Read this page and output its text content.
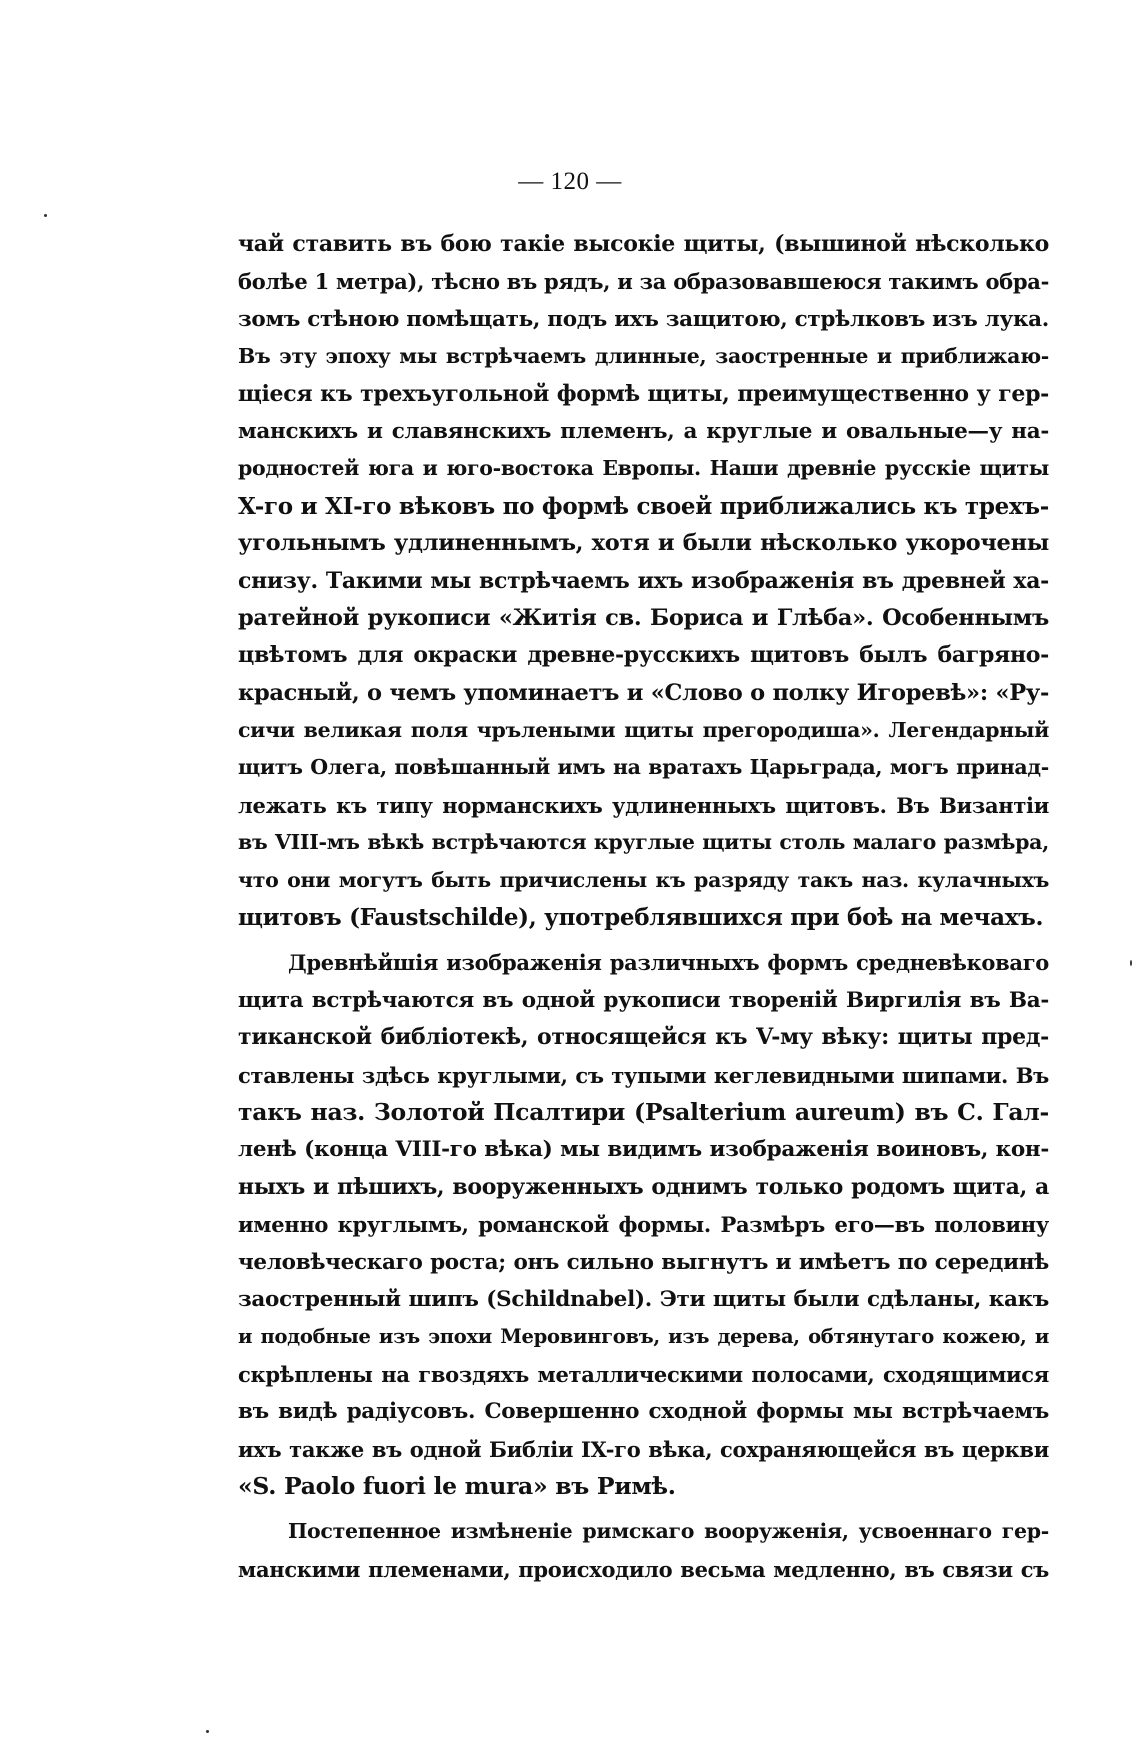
— 120 —
чай ставить въ бою такіе высокіе щиты, (вышиной нѣсколько
болѣе 1 метра), тѣсно въ рядъ, и за образовавшеюся такимъ обра-
зомъ стѣною помѣщать, подъ ихъ защитою, стрѣлковъ изъ лука.
Въ эту эпоху мы встрѣчаемъ длинные, заостренные и приближаю-
щіеся къ трехъугольной формѣ щиты, преимущественно у гер-
манскихъ и славянскихъ племенъ, а круглые и овальные—у на-
родностей юга и юго-востока Европы. Наши древніе русскіе щиты
X-го и XI-го вѣковъ по формѣ своей приближались къ трехъ-
угольнымъ удлиненнымъ, хотя и были нѣсколько укорочены
снизу. Такими мы встрѣчаемъ ихъ изображенія въ древней ха-
ратейной рукописи «Житія св. Бориса и Глѣба». Особеннымъ
цвѣтомъ для окраски древне-русскихъ щитовъ былъ багряно-
красный, о чемъ упоминаетъ и «Слово о полку Игоревѣ»: «Ру-
сичи великая поля чрълеными щиты прегородиша». Легендарный
щитъ Олега, повѣшанный имъ на вратахъ Царьграда, могъ принад-
лежать къ типу норманскихъ удлиненныхъ щитовъ. Въ Византіи
въ VIII-мъ вѣкѣ встрѣчаются круглые щиты столь малаго размѣра,
что они могутъ быть причислены къ разряду такъ наз. кулачныхъ
щитовъ (Faustschilde), употреблявшихся при боѣ на мечахъ.
Древнѣйшія изображенія различныхъ формъ средневѣковаго
щита встрѣчаются въ одной рукописи твореній Виргилія въ Ва-
тиканской библіотекѣ, относящейся къ V-му вѣку: щиты пред-
ставлены здѣсь круглыми, съ тупыми кеглевидными шипами. Въ
такъ наз. Золотой Псалтири (Psalterium aureum) въ С. Гал-
ленѣ (конца VIII-го вѣка) мы видимъ изображенія воиновъ, кон-
ныхъ и пѣшихъ, вооруженныхъ однимъ только родомъ щита, а
именно круглымъ, романской формы. Размѣръ его—въ половину
человѣческаго роста; онъ сильно выгнутъ и имѣетъ по серединѣ
заостренный шипъ (Schildnabel). Эти щиты были сдѣланы, какъ
и подобные изъ эпохи Меровинговъ, изъ дерева, обтянутаго кожею, и
скрѣплены на гвоздяхъ металлическими полосами, сходящимися
въ видѣ радіусовъ. Совершенно сходной формы мы встрѣчаемъ
ихъ также въ одной Библіи IX-го вѣка, сохраняющейся въ церкви
«S. Paolo fuori le mura» въ Римѣ.
Постепенное измѣненіе римскаго вооруженія, усвоеннаго гер-
манскими племенами, происходило весьма медленно, въ связи съ
